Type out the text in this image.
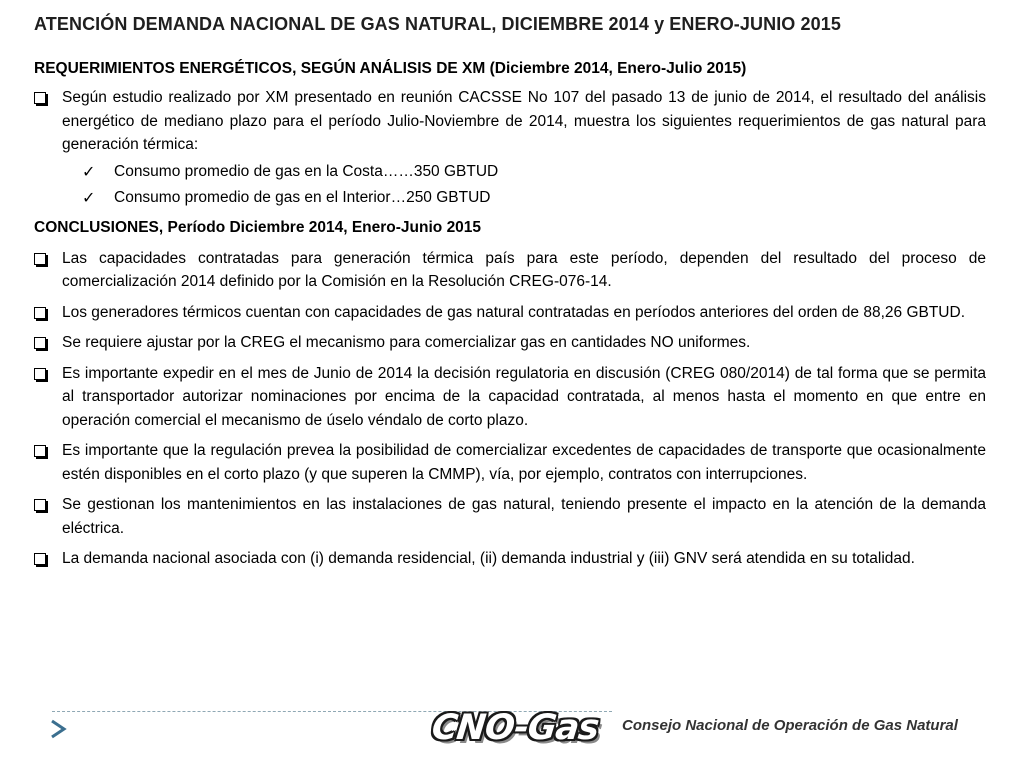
ATENCIÓN DEMANDA NACIONAL DE GAS NATURAL, DICIEMBRE 2014 y ENERO-JUNIO 2015
REQUERIMIENTOS ENERGÉTICOS, SEGÚN ANÁLISIS DE XM (Diciembre 2014, Enero-Julio 2015)
Según estudio realizado por XM presentado en reunión CACSSE No 107 del pasado 13 de junio de 2014, el resultado del análisis energético de mediano plazo para el período Julio-Noviembre de 2014, muestra los siguientes requerimientos de gas natural para generación térmica:
✓ Consumo promedio de gas en la Costa……350 GBTUD
✓ Consumo promedio de gas en el Interior…250 GBTUD
CONCLUSIONES, Período Diciembre 2014, Enero-Junio 2015
Las capacidades contratadas para generación térmica país para este período, dependen del resultado del proceso de comercialización 2014 definido por la Comisión en la Resolución CREG-076-14.
Los generadores térmicos cuentan con capacidades de gas natural contratadas en períodos anteriores del orden de 88,26 GBTUD.
Se requiere ajustar por la CREG el mecanismo para comercializar gas en cantidades NO uniformes.
Es importante expedir en el mes de Junio de 2014 la decisión regulatoria en discusión (CREG 080/2014) de tal forma que se permita al transportador autorizar nominaciones por encima de la capacidad contratada, al menos hasta el momento en que entre en operación comercial el mecanismo de úselo véndalo de corto plazo.
Es importante que la regulación prevea la posibilidad de comercializar excedentes de capacidades de transporte que ocasionalmente estén disponibles en el corto plazo (y que superen la CMMP), vía, por ejemplo, contratos con interrupciones.
Se gestionan los mantenimientos en las instalaciones de gas natural, teniendo presente el impacto en la atención de la demanda eléctrica.
La demanda nacional asociada con (i) demanda residencial, (ii) demanda industrial y (iii) GNV será atendida en su totalidad.
CNO-Gas Consejo Nacional de Operación de Gas Natural
